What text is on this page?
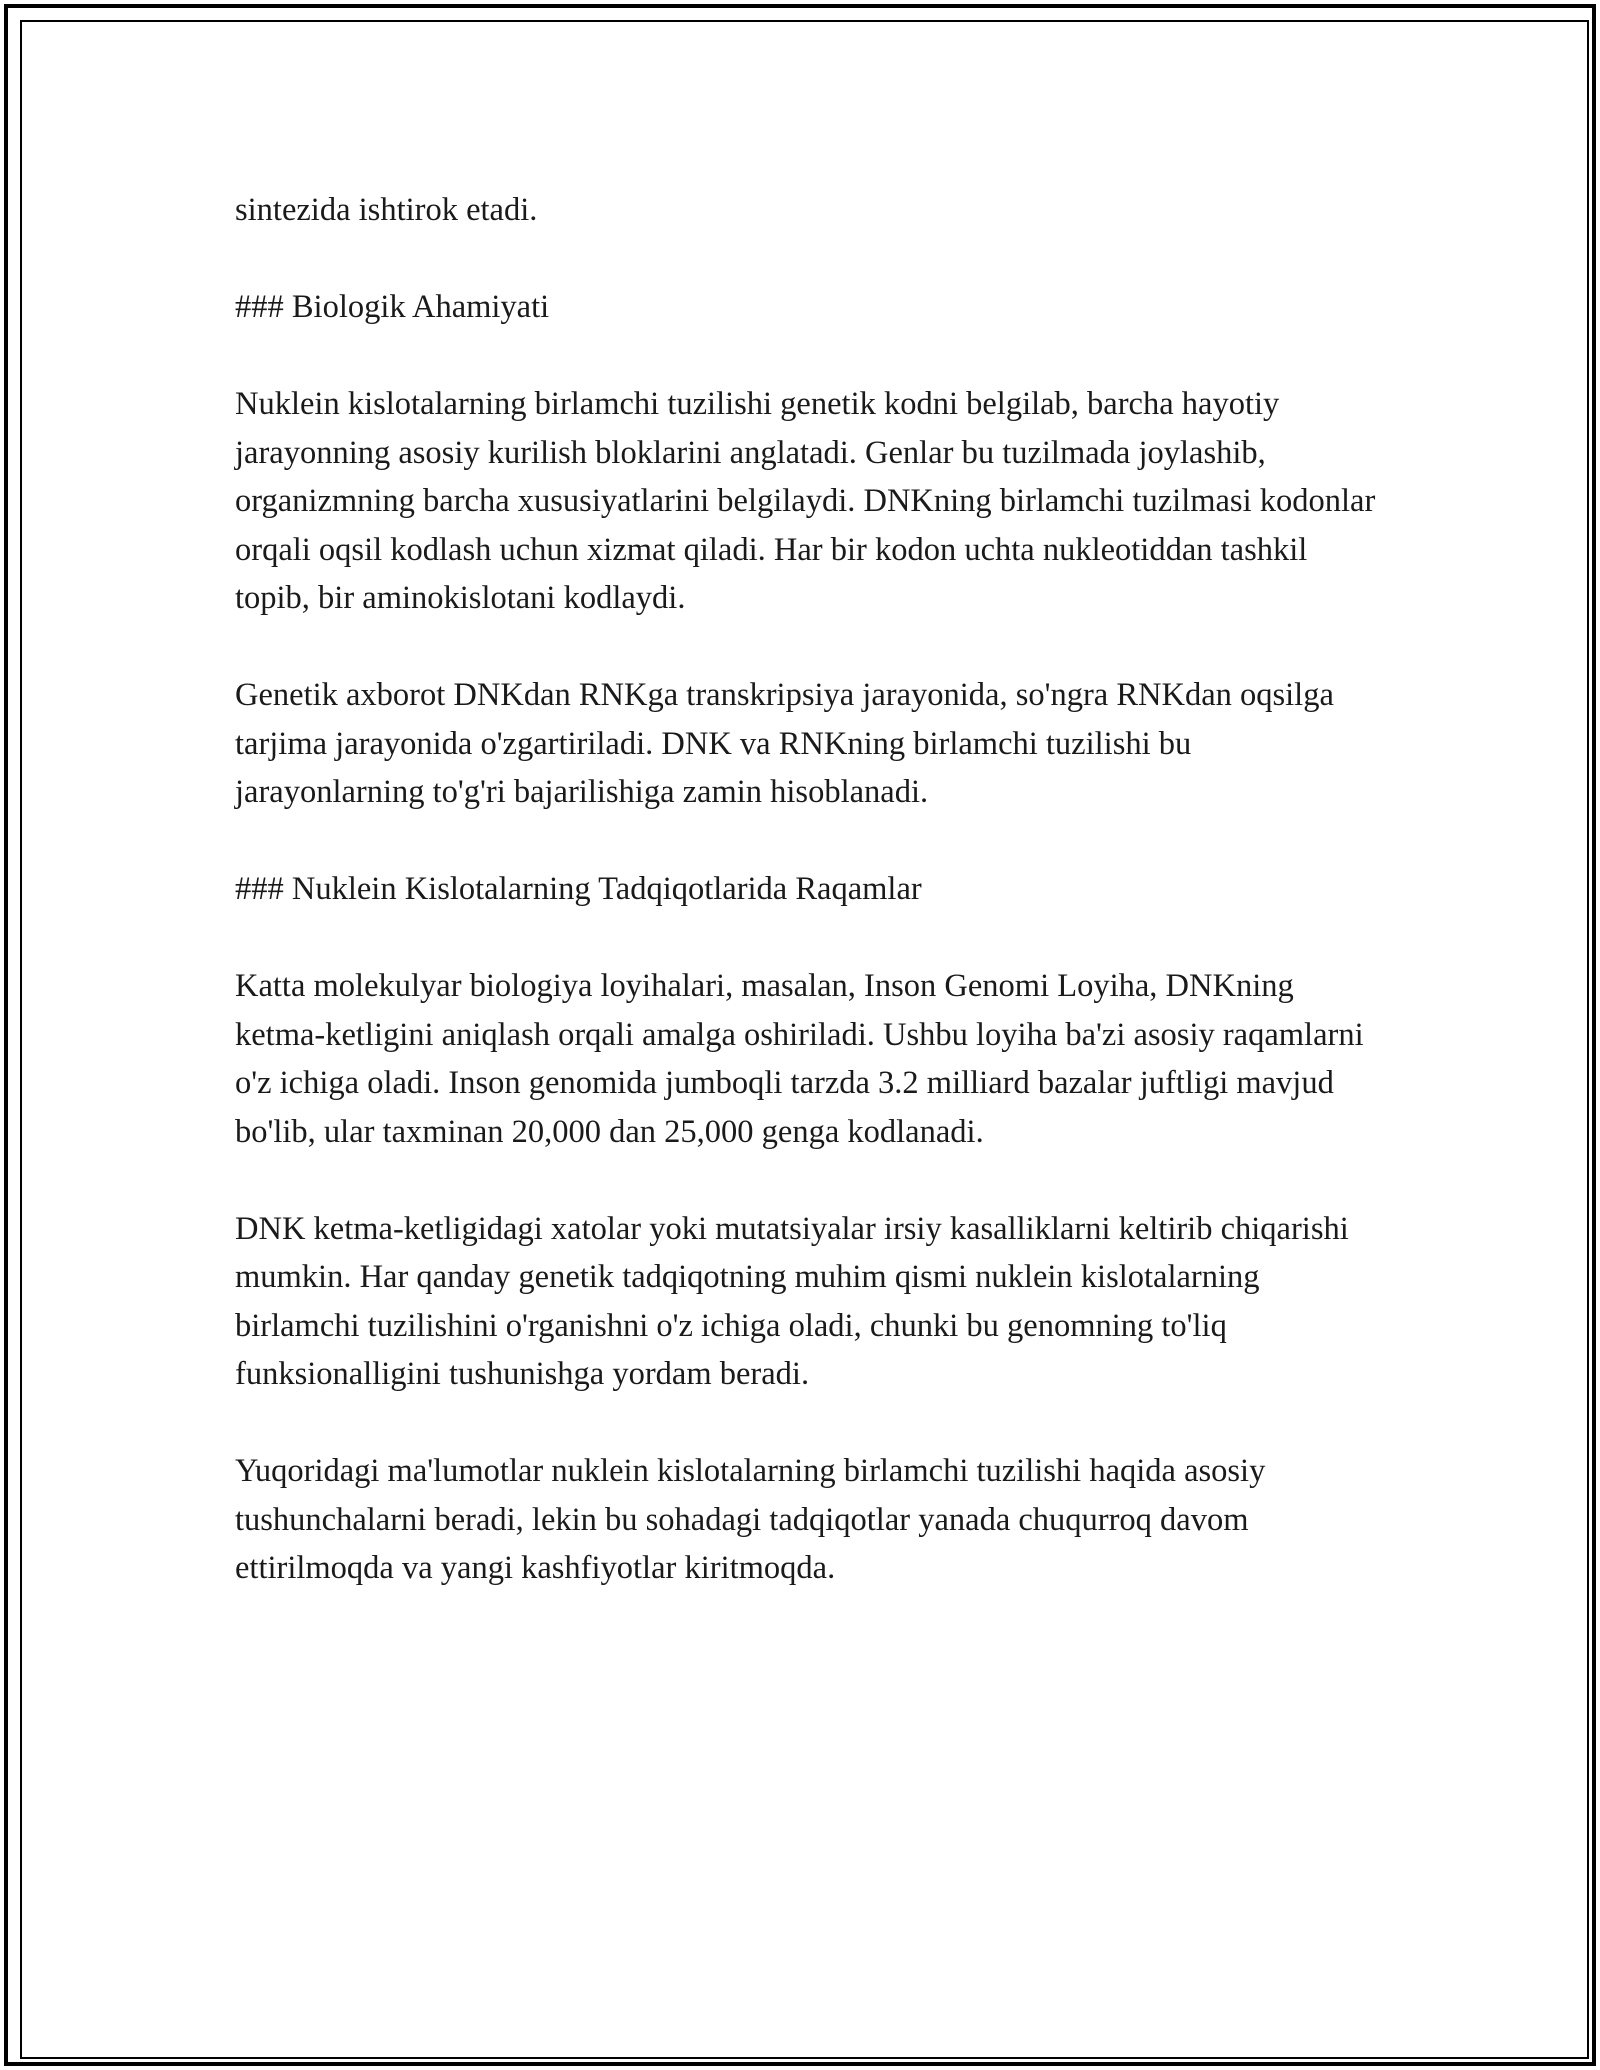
sintezida ishtirok etadi.

### Biologik Ahamiyati

Nuklein kislotalarning birlamchi tuzilishi genetik kodni belgilab, barcha hayotiy jarayonning asosiy kurilish bloklarini anglatadi. Genlar bu tuzilmada joylashib, organizmning barcha xususiyatlarini belgilaydi. DNKning birlamchi tuzilmasi kodonlar orqali oqsil kodlash uchun xizmat qiladi. Har bir kodon uchta nukleotiddan tashkil topib, bir aminokislotani kodlaydi.

Genetik axborot DNKdan RNKga transkripsiya jarayonida, so'ngra RNKdan oqsilga tarjima jarayonida o'zgartiriladi. DNK va RNKning birlamchi tuzilishi bu jarayonlarning to'g'ri bajarilishiga zamin hisoblanadi.

### Nuklein Kislotalarning Tadqiqotlarida Raqamlar

Katta molekulyar biologiya loyihalari, masalan, Inson Genomi Loyiha, DNKning ketma-ketligini aniqlash orqali amalga oshiriladi. Ushbu loyiha ba'zi asosiy raqamlarni o'z ichiga oladi. Inson genomida jumboqli tarzda 3.2 milliard bazalar juftligi mavjud bo'lib, ular taxminan 20,000 dan 25,000 genga kodlanadi.

DNK ketma-ketligidagi xatolar yoki mutatsiyalar irsiy kasalliklarni keltirib chiqarishi mumkin. Har qanday genetik tadqiqotning muhim qismi nuklein kislotalarning birlamchi tuzilishini o'rganishni o'z ichiga oladi, chunki bu genomning to'liq funksionalligini tushunishga yordam beradi.

Yuqoridagi ma'lumotlar nuklein kislotalarning birlamchi tuzilishi haqida asosiy tushunchalarni beradi, lekin bu sohadagi tadqiqotlar yanada chuqurroq davom ettirilmoqda va yangi kashfiyotlar kiritmoqda.
